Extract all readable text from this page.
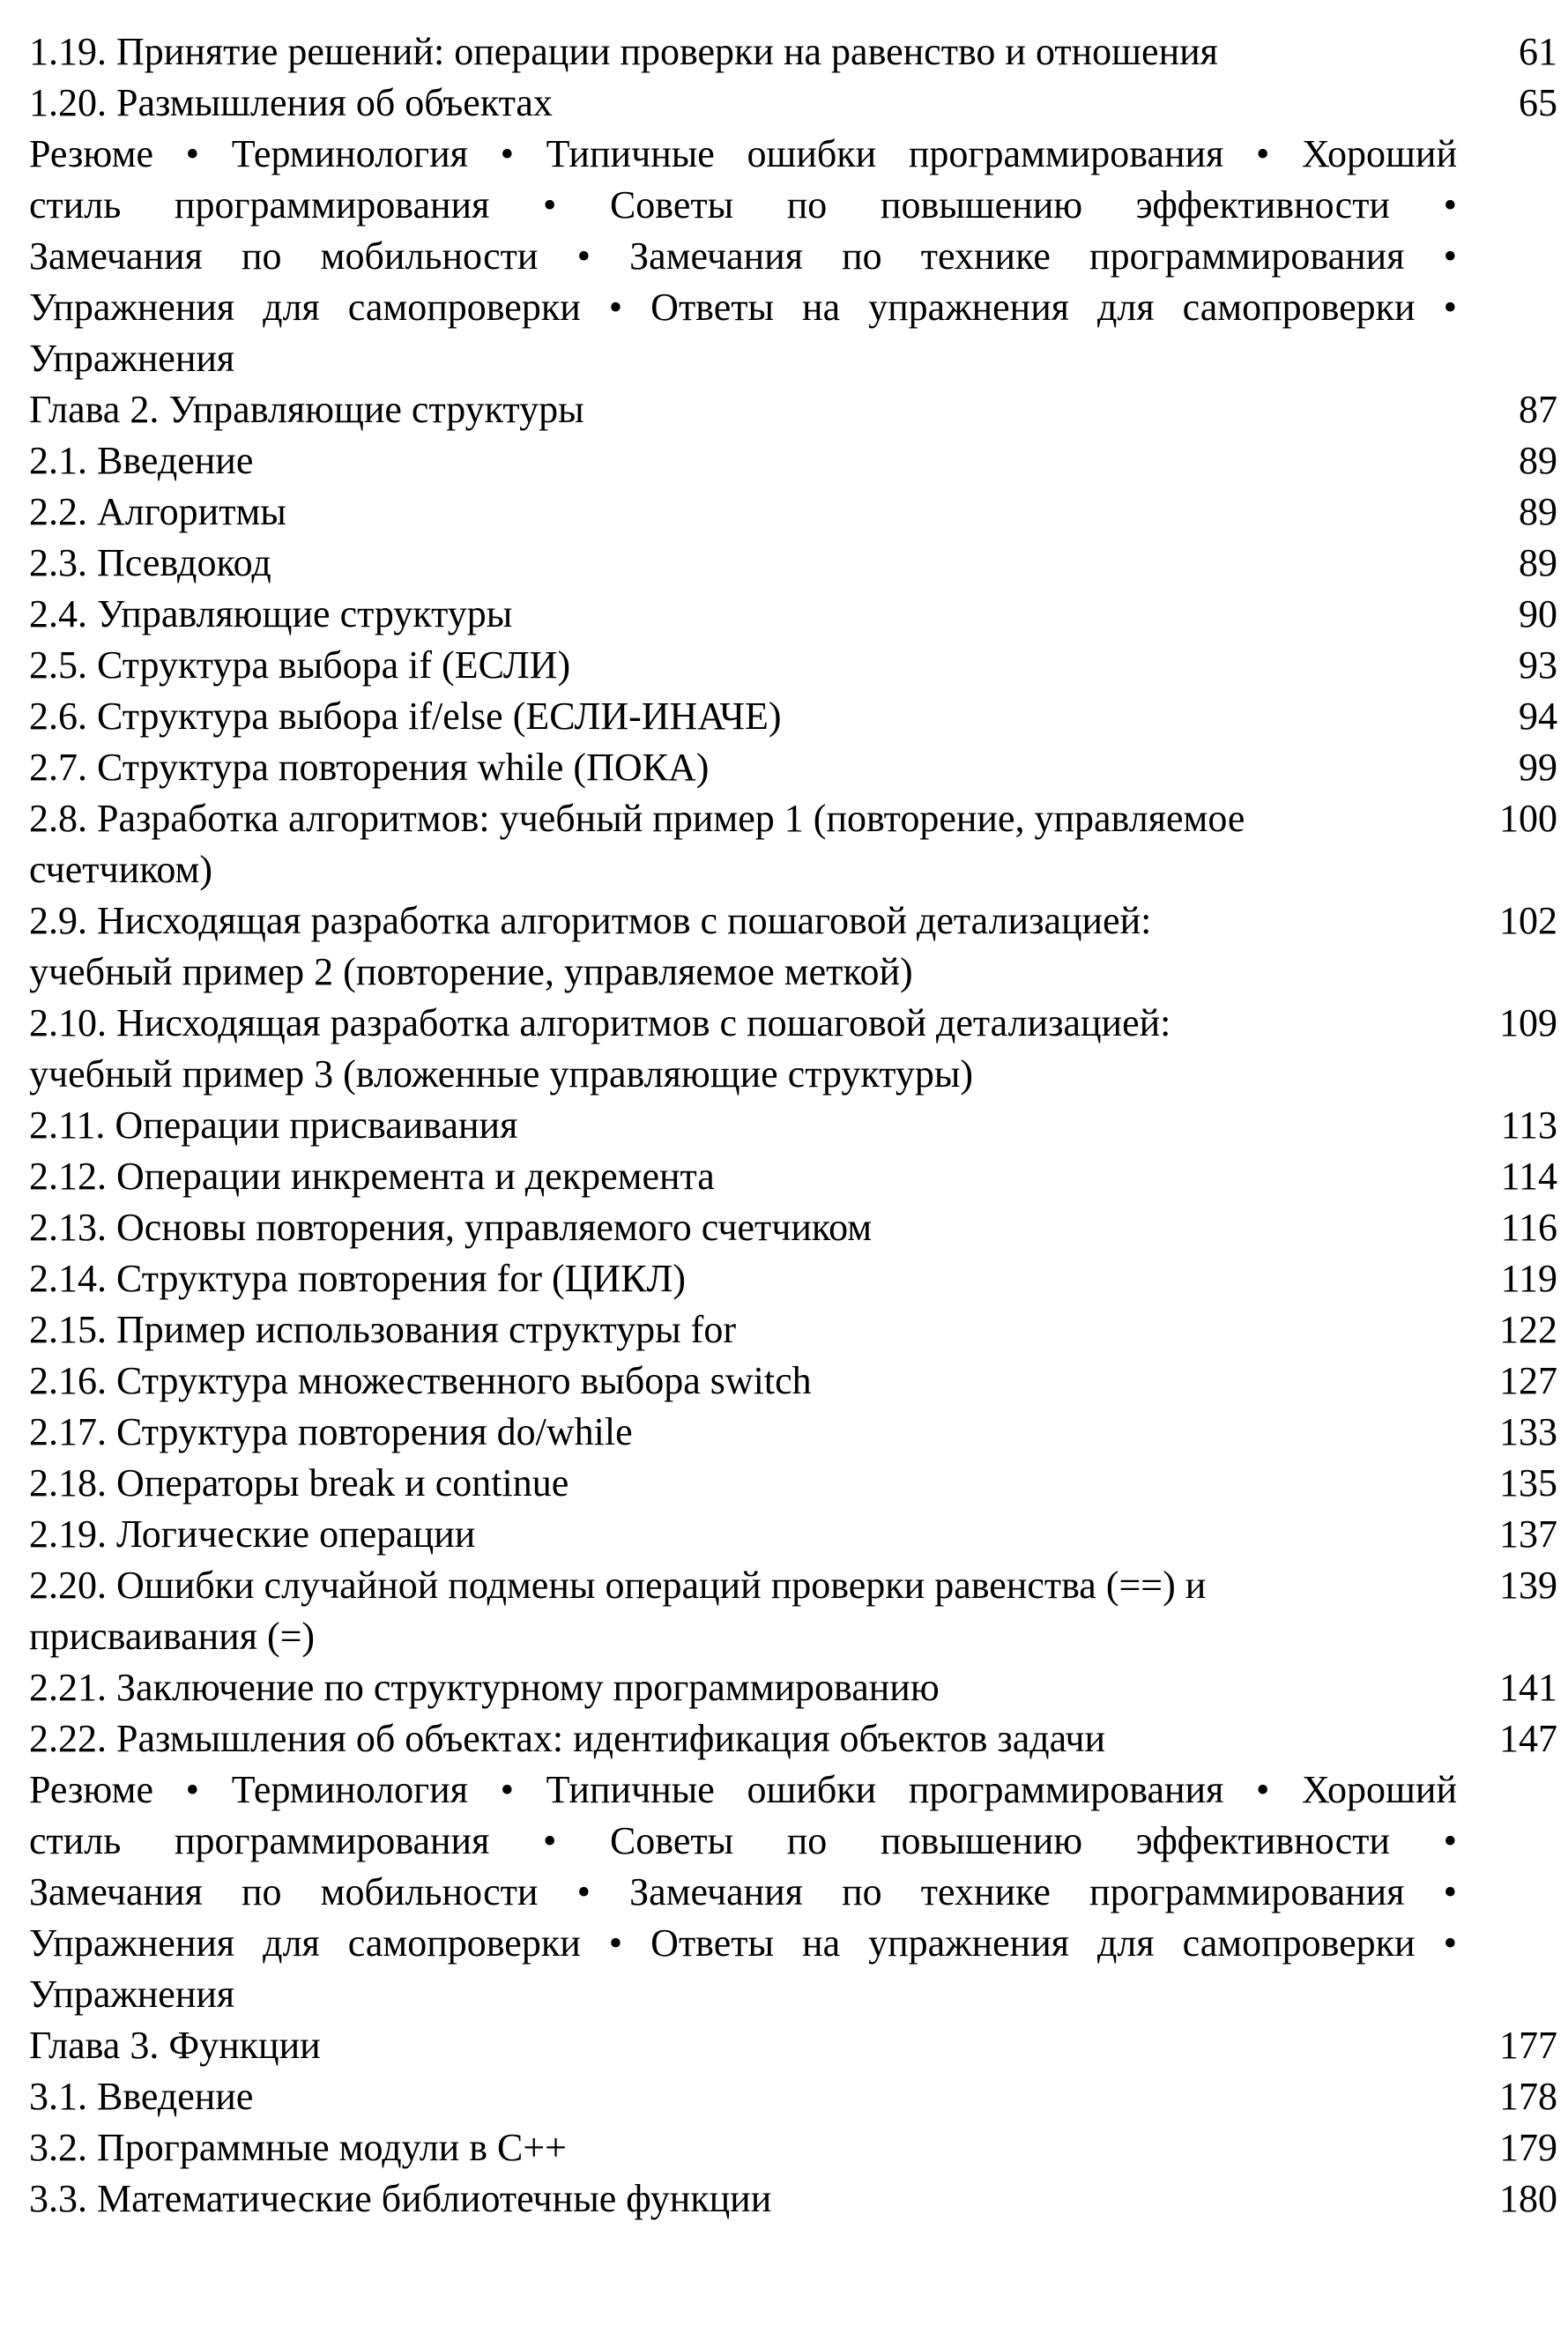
1.19. Принятие решений: операции проверки на равенство и отношения	61
1.20. Размышления об объектах	65
Резюме • Терминология • Типичные ошибки программирования • Хороший
стиль программирования • Советы по повышению эффективности •
Замечания по мобильности • Замечания по технике программирования •
Упражнения для самопроверки • Ответы на упражнения для самопроверки •
Упражнения
Глава 2. Управляющие структуры	87
2.1. Введение	89
2.2. Алгоритмы	89
2.3. Псевдокод	89
2.4. Управляющие структуры	90
2.5. Структура выбора if (ЕСЛИ)	93
2.6. Структура выбора if/else (ЕСЛИ-ИНАЧЕ)	94
2.7. Структура повторения while (ПОКА)	99
2.8. Разработка алгоритмов: учебный пример 1 (повторение, управляемое	100
счетчиком)
2.9. Нисходящая разработка алгоритмов с пошаговой детализацией:	102
учебный пример 2 (повторение, управляемое меткой)
2.10. Нисходящая разработка алгоритмов с пошаговой детализацией:	109
учебный пример 3 (вложенные управляющие структуры)
2.11. Операции присваивания	113
2.12. Операции инкремента и декремента	114
2.13. Основы повторения, управляемого счетчиком	116
2.14. Структура повторения for (ЦИКЛ)	119
2.15. Пример использования структуры for	122
2.16. Структура множественного выбора switch	127
2.17. Структура повторения do/while	133
2.18. Операторы break и continue	135
2.19. Логические операции	137
2.20. Ошибки случайной подмены операций проверки равенства (==) и	139
присваивания (=)
2.21. Заключение по структурному программированию	141
2.22. Размышления об объектах: идентификация объектов задачи	147
Резюме • Терминология • Типичные ошибки программирования • Хороший
стиль программирования • Советы по повышению эффективности •
Замечания по мобильности • Замечания по технике программирования •
Упражнения для самопроверки • Ответы на упражнения для самопроверки •
Упражнения
Глава 3. Функции	177
3.1. Введение	178
3.2. Программные модули в C++	179
3.3. Математические библиотечные функции	180
